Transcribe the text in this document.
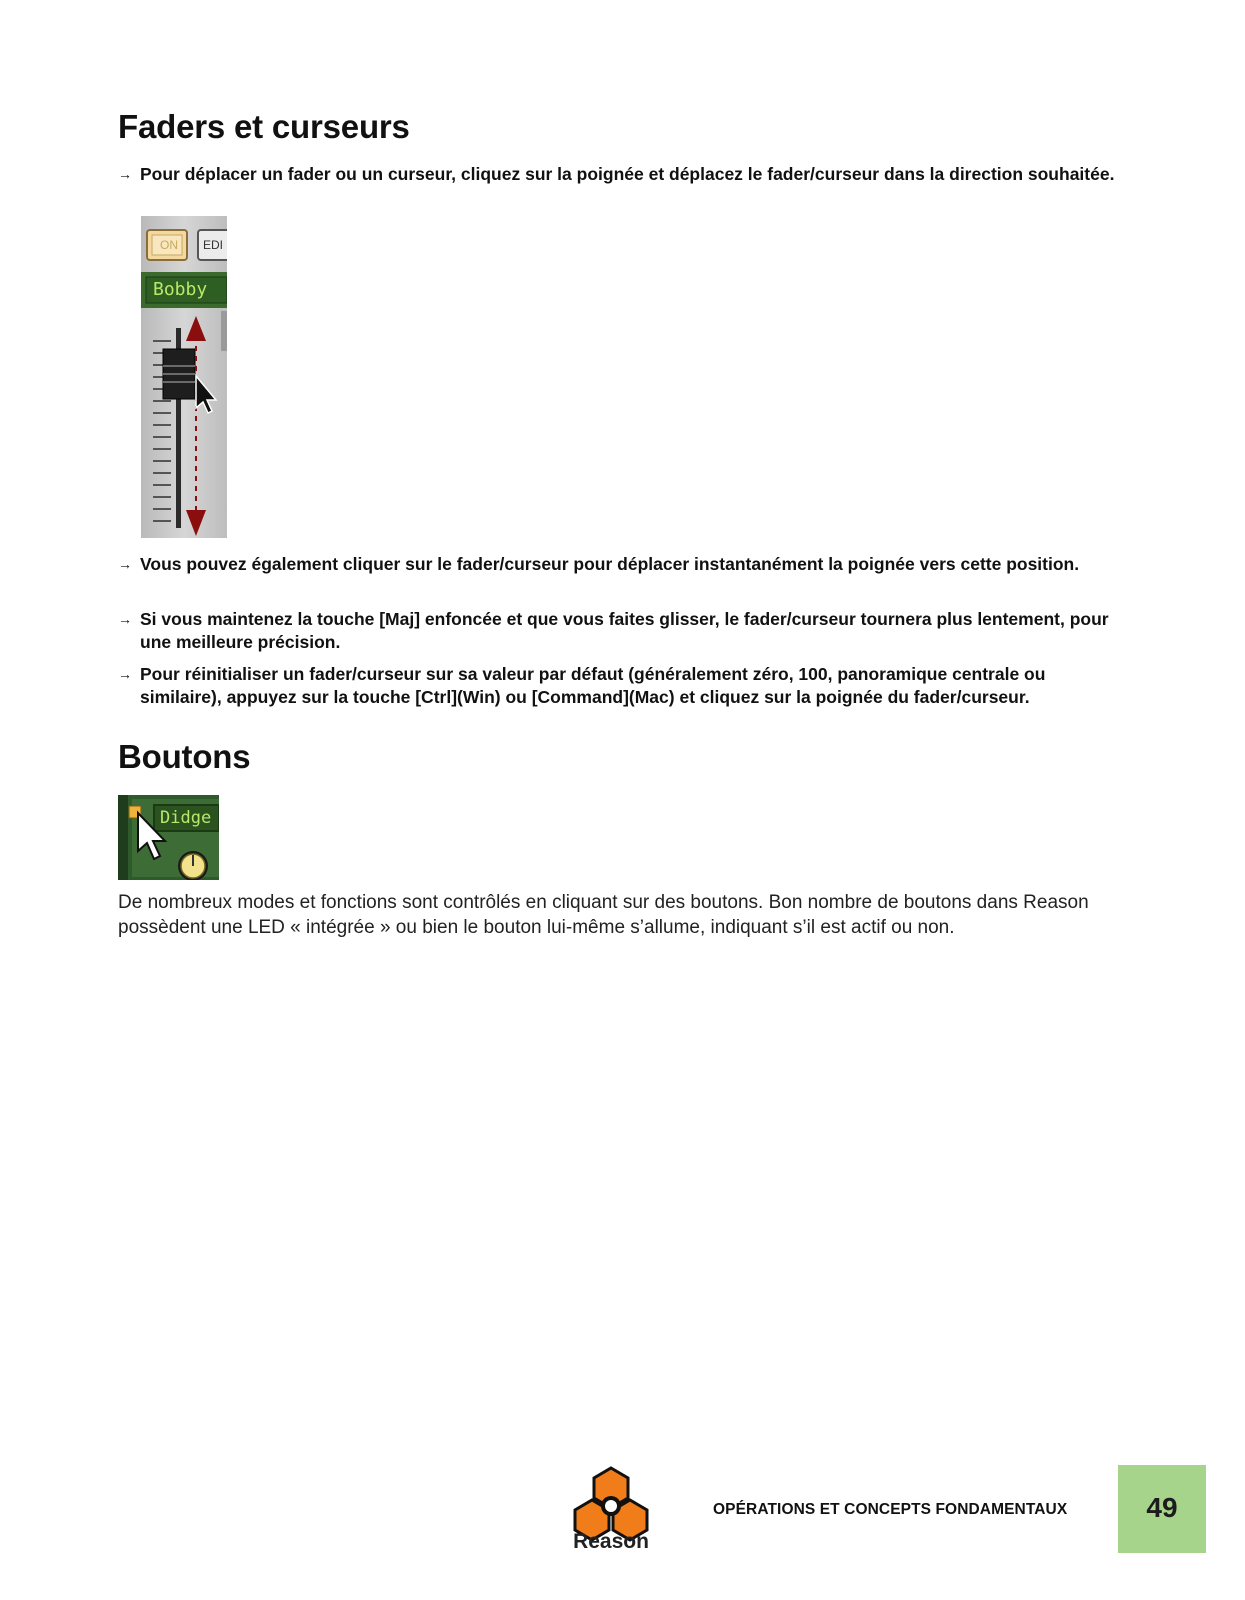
Faders et curseurs
→ Pour déplacer un fader ou un curseur, cliquez sur la poignée et déplacez le fader/curseur dans la direction souhaitée.
Bobby
ON	EDI
→ Vous pouvez également cliquer sur le fader/curseur pour déplacer instantanément la poignée vers cette position.
→ Si vous maintenez la touche [Maj] enfoncée et que vous faites glisser, le fader/curseur tournera plus lentement, pour une meilleure précision.
→ Pour réinitialiser un fader/curseur sur sa valeur par défaut (généralement zéro, 100, panoramique centrale ou similaire), appuyez sur la touche [Ctrl](Win) ou [Command](Mac) et cliquez sur la poignée du fader/curseur.
Boutons
Didge
De nombreux modes et fonctions sont contrôlés en cliquant sur des boutons. Bon nombre de boutons dans Reason possèdent une LED « intégrée » ou bien le bouton lui-même s’allume, indiquant s’il est actif ou non.
Reason
OPÉRATIONS ET CONCEPTS FONDAMENTAUX	49
